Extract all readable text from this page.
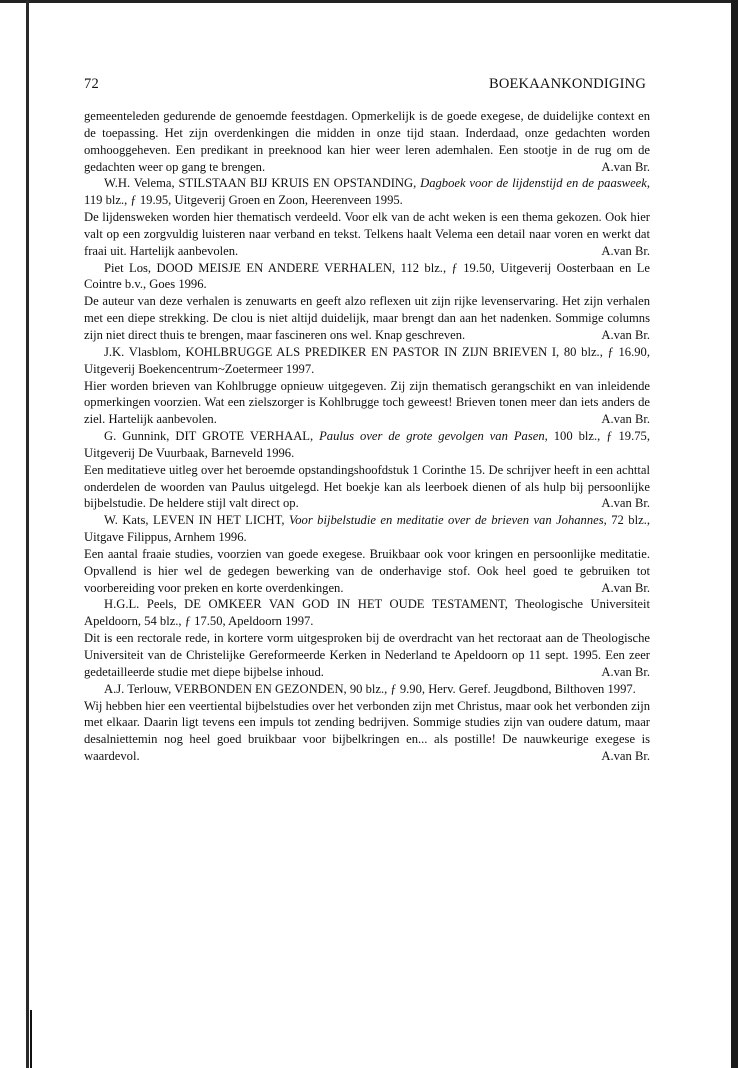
72	BOEKAANKONDIGING

gemeenteleden gedurende de genoemde feestdagen. Opmerkelijk is de goede exegese, de duidelijke context en de toepassing. Het zijn overdenkingen die midden in onze tijd staan. Inderdaad, onze gedachten worden omhooggeheven. Een predikant in preeknood kan hier weer leren ademhalen. Een stootje in de rug om de gedachten weer op gang te brengen.	A.van Br.

W.H. Velema, STILSTAAN BIJ KRUIS EN OPSTANDING, Dagboek voor de lijdenstijd en de paasweek, 119 blz., ƒ 19.95, Uitgeverij Groen en Zoon, Heerenveen 1995.

De lijdensweken worden hier thematisch verdeeld. Voor elk van de acht weken is een thema gekozen. Ook hier valt op een zorgvuldig luisteren naar verband en tekst. Telkens haalt Velema een detail naar voren en werkt dat fraai uit. Hartelijk aanbevolen.	A.van Br.

Piet Los, DOOD MEISJE EN ANDERE VERHALEN, 112 blz., ƒ 19.50, Uitgeverij Oosterbaan en Le Cointre b.v., Goes 1996.

De auteur van deze verhalen is zenuwarts en geeft alzo reflexen uit zijn rijke levenservaring. Het zijn verhalen met een diepe strekking. De clou is niet altijd duidelijk, maar brengt dan aan het nadenken. Sommige columns zijn niet direct thuis te brengen, maar fascineren ons wel. Knap geschreven.	A.van Br.

J.K. Vlasblom, KOHLBRUGGE ALS PREDIKER EN PASTOR IN ZIJN BRIEVEN I, 80 blz., ƒ 16.90, Uitgeverij Boekencentrum~Zoetermeer 1997.

Hier worden brieven van Kohlbrugge opnieuw uitgegeven. Zij zijn thematisch gerangschikt en van inleidende opmerkingen voorzien. Wat een zielszorger is Kohlbrugge toch geweest! Brieven tonen meer dan iets anders de ziel. Hartelijk aanbevolen.	A.van Br.

G. Gunnink, DIT GROTE VERHAAL, Paulus over de grote gevolgen van Pasen, 100 blz., ƒ 19.75, Uitgeverij De Vuurbaak, Barneveld 1996.

Een meditatieve uitleg over het beroemde opstandingshoofdstuk 1 Corinthe 15. De schrijver heeft in een achttal onderdelen de woorden van Paulus uitgelegd. Het boekje kan als leerboek dienen of als hulp bij persoonlijke bijbelstudie. De heldere stijl valt direct op.	A.van Br.

W. Kats, LEVEN IN HET LICHT, Voor bijbelstudie en meditatie over de brieven van Johannes, 72 blz., Uitgave Filippus, Arnhem 1996.

Een aantal fraaie studies, voorzien van goede exegese. Bruikbaar ook voor kringen en persoonlijke meditatie. Opvallend is hier wel de gedegen bewerking van de onderhavige stof. Ook heel goed te gebruiken tot voorbereiding voor preken en korte overdenkingen.	A.van Br.

H.G.L. Peels, DE OMKEER VAN GOD IN HET OUDE TESTAMENT, Theologische Universiteit Apeldoorn, 54 blz., ƒ 17.50, Apeldoorn 1997.

Dit is een rectorale rede, in kortere vorm uitgesproken bij de overdracht van het rectoraat aan de Theologische Universiteit van de Christelijke Gereformeerde Kerken in Nederland te Apeldoorn op 11 sept. 1995. Een zeer gedetailleerde studie met diepe bijbelse inhoud.	A.van Br.

A.J. Terlouw, VERBONDEN EN GEZONDEN, 90 blz., ƒ 9.90, Herv. Geref. Jeugdbond, Bilthoven 1997.

Wij hebben hier een veertiental bijbelstudies over het verbonden zijn met Christus, maar ook het verbonden zijn met elkaar. Daarin ligt tevens een impuls tot zending bedrijven. Sommige studies zijn van oudere datum, maar desalniettemin nog heel goed bruikbaar voor bijbelkringen en... als postille! De nauwkeurige exegese is waardevol.	A.van Br.
